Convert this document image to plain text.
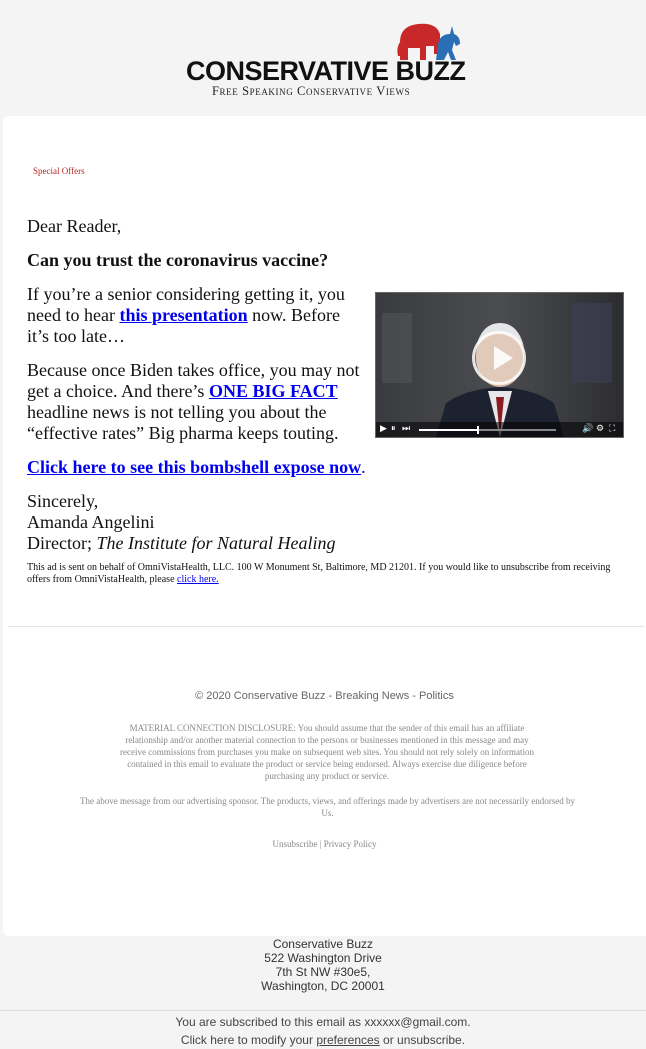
CONSERVATIVE BUZZ
Free Speaking Conservative Views
Special Offers
▶ ⏸ ⏭	🔊 ⚙ ⛶

Dear Reader,

Can you trust the coronavirus vaccine?

If you’re a senior considering getting it, you need to hear this presentation now. Before it’s too late…

Because once Biden takes office, you may not get a choice. And there’s ONE BIG FACT headline news is not telling you about the “effective rates” Big pharma keeps touting.

Click here to see this bombshell expose now.

Sincerely,
Amanda Angelini
Director; The Institute for Natural Healing
This ad is sent on behalf of OmniVistaHealth, LLC. 100 W Monument St, Baltimore, MD 21201. If you would like to unsubscribe from receiving offers from OmniVistaHealth, please click here.
© 2020 Conservative Buzz - Breaking News - Politics
MATERIAL CONNECTION DISCLOSURE: You should assume that the sender of this email has an affiliate relationship and/or another material connection to the persons or businesses mentioned in this message and may receive commissions from purchases you make on subsequent web sites. You should not rely solely on information contained in this email to evaluate the product or service being endorsed. Always exercise due diligence before purchasing any product or service.
The above message from our advertising sponsor. The products, views, and offerings made by advertisers are not necessarily endorsed by Us.
Unsubscribe | Privacy Policy
Conservative Buzz
522 Washington Drive
7th St NW #30e5,
Washington, DC 20001
You are subscribed to this email as xxxxxx@gmail.com.
Click here to modify your preferences or unsubscribe.
